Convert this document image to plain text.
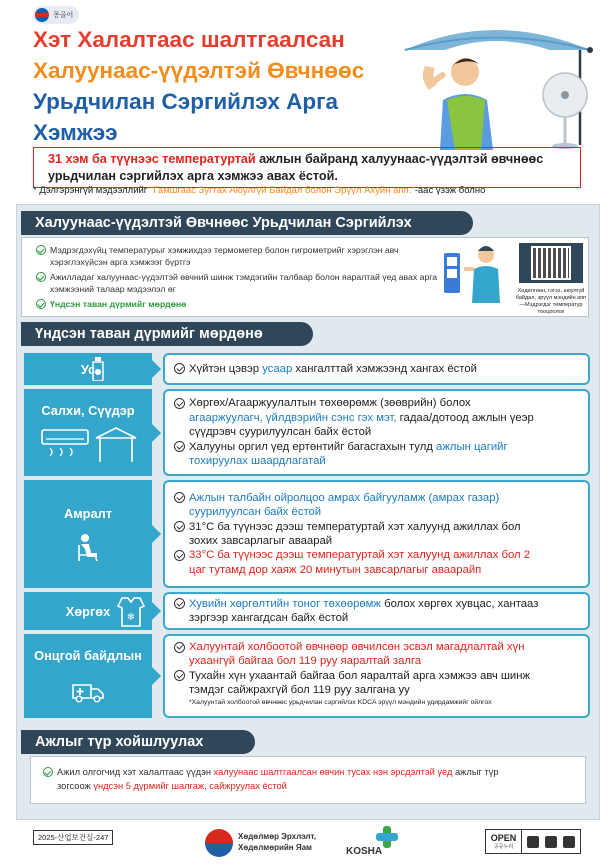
몽골어
Хэт Халалтаас шалтгаалсан
Халуунаас-үүдэлтэй Өвчнөөс
Урьдчилан Сэргийлэх Арга
Хэмжээ
31 хэм ба түүнээс температуртай ажлын байранд халуунаас-үүдэлтэй өвчнөөс
урьдчилан сэргийлэх арга хэмжээ авах ёстой.
* Дэлгэрэнгүй мэдээллийг "Гамшгаас Зугтах Аюулгүй Байдал болон Эрүүл Ахуйн апп."-аас үзэж болно
Халуунаас-үүдэлтэй Өвчнөөс Урьдчилан Сэргийлэх
Мэдрэгдэхүйц температурыг хэмжихдээ термометер болон гигрометрийг хэрэглэн авч хэрэглэхүйсэн арга хэмжээг бүртгэ
Ажилладаг халуунаас-үүдэлтэй өвчний шинж тэмдэгийн талбаар болон яаралтай үед авах арга хэмжээний талаар мэдээлэл өг
Үндсэн таван дүрмийг мөрдөнө
Хөдөлгөөн, гэгээ, аюулгүй байдал, эрүүл мэндийн апп—Мэдрэгдэг температур тооцоолох
Үндсэн таван дүрмийг мөрдөнө
Ус	Хүйтэн цэвэр усаар хангалттай хэмжээнд хангах ёстой
Салхи, Сүүдэр	Хөргөх/Агааржуулалтын төхөөрөмж (зөөврийн) болох
агааржуулагч, үйлдвэрийн сэнс гэх мэт, гадаа/дотоод ажлын үеэр
сүүдрэвч суурилуулсан байх ёстой
Халууны оргил үед ертөнтийг багасгахын тулд ажлын цагийг
тохируулах шаардлагатай
Амралт
Ажлын талбайн ойролцоо амрах байгууламж (амрах газар)
суурилуулсан байх ёстой
31°C ба түүнээс дээш температуртай хэт халуунд ажиллах бол
зохих завсарлагыг аваарай
33°C ба түүнээс дээш температуртай хэт халуунд ажиллах бол 2
цаг тутамд дор хаяж 20 минутын завсарлагыг аваарайп
Хөргөх	Хувийн хөргөлтийн тоног төхөөрөмж болох хөргөх хувцас, хантааз
зэргээр хангагдсан байх ёстой
❄
Онцгой байдлын
Халуунтай холбоотой өвчнөөр өвчилсөн эсвэл магадлалтай хүн
ухаангүй байгаа бол 119 руу яаралтай залга
Тухайн хүн ухаантай байгаа бол яаралтай арга хэмжээ авч шинж
тэмдэг сайжрахгүй бол 119 руу залгана уу
*Халуунтай холбоотой өвчнөөс урьдчилан сэргийлэх KDCA эрүүл мэндийн удирдамжийг ойлгох
Ажлыг түр хойшлуулах
Ажил олгогчид хэт халалтаас үүдэн халуунаас шалтгаалсан өвчин тусах нэн эрсдэлтэй үед ажлыг түр
зогсоож үндсэн 5 дүрмийг шалгаж, сайжруулах ёстой
2025-산업보건실-247	Хөдөлмөр Эрхлэлт,
Хөдөлмөрийн Яам	KOSHA
OPEN
공공누리
